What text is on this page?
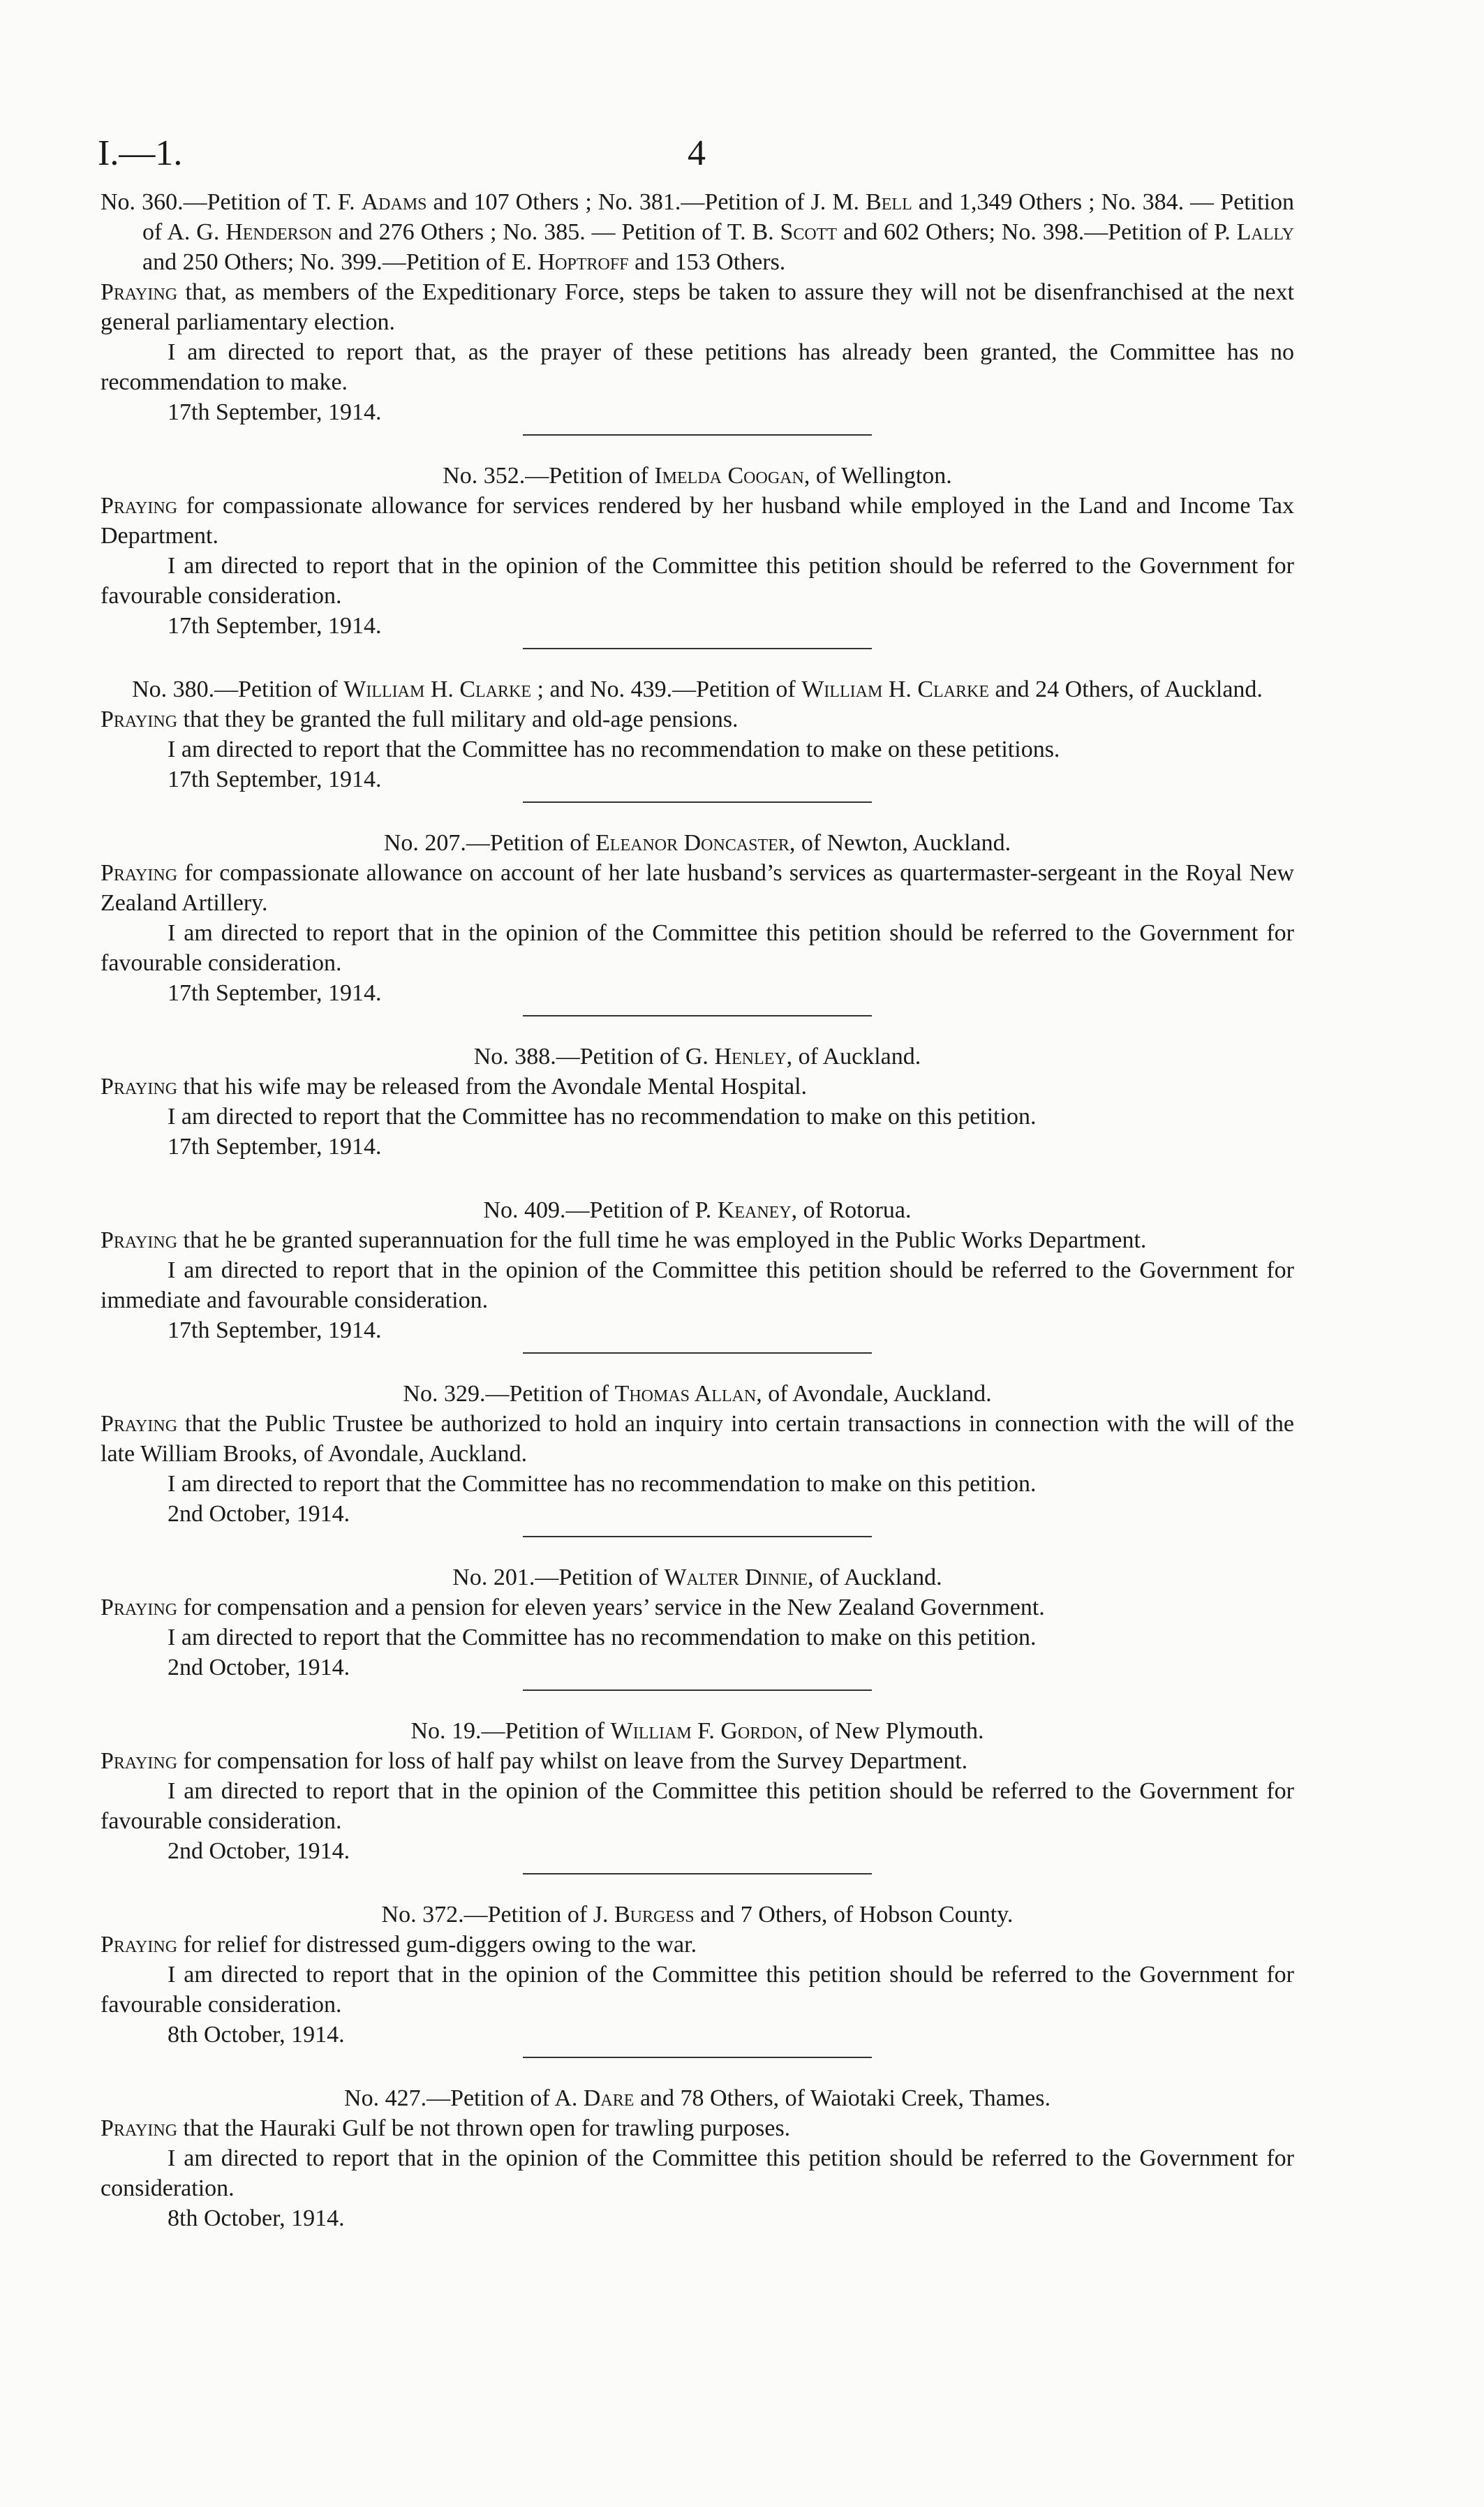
I.—1.	4
No. 360.—Petition of T. F. Adams and 107 Others ; No. 381.—Petition of J. M. Bell and 1,349 Others ; No. 384. — Petition of A. G. Henderson and 276 Others ; No. 385. — Petition of T. B. Scott and 602 Others; No. 398.—Petition of P. Lally and 250 Others; No. 399.—Petition of E. Hoptroff and 153 Others.
Praying that, as members of the Expeditionary Force, steps be taken to assure they will not be disenfranchised at the next general parliamentary election.
I am directed to report that, as the prayer of these petitions has already been granted, the Committee has no recommendation to make.
17th September, 1914.
No. 352.—Petition of Imelda Coogan, of Wellington.
Praying for compassionate allowance for services rendered by her husband while employed in the Land and Income Tax Department.
I am directed to report that in the opinion of the Committee this petition should be referred to the Government for favourable consideration.
17th September, 1914.
No. 380.—Petition of William H. Clarke ; and No. 439.—Petition of William H. Clarke and 24 Others, of Auckland.
Praying that they be granted the full military and old-age pensions.
I am directed to report that the Committee has no recommendation to make on these petitions.
17th September, 1914.
No. 207.—Petition of Eleanor Doncaster, of Newton, Auckland.
Praying for compassionate allowance on account of her late husband’s services as quartermaster-sergeant in the Royal New Zealand Artillery.
I am directed to report that in the opinion of the Committee this petition should be referred to the Government for favourable consideration.
17th September, 1914.
No. 388.—Petition of G. Henley, of Auckland.
Praying that his wife may be released from the Avondale Mental Hospital.
I am directed to report that the Committee has no recommendation to make on this petition.
17th September, 1914.
No. 409.—Petition of P. Keaney, of Rotorua.
Praying that he be granted superannuation for the full time he was employed in the Public Works Department.
I am directed to report that in the opinion of the Committee this petition should be referred to the Government for immediate and favourable consideration.
17th September, 1914.
No. 329.—Petition of Thomas Allan, of Avondale, Auckland.
Praying that the Public Trustee be authorized to hold an inquiry into certain transactions in connection with the will of the late William Brooks, of Avondale, Auckland.
I am directed to report that the Committee has no recommendation to make on this petition.
2nd October, 1914.
No. 201.—Petition of Walter Dinnie, of Auckland.
Praying for compensation and a pension for eleven years’ service in the New Zealand Government.
I am directed to report that the Committee has no recommendation to make on this petition.
2nd October, 1914.
No. 19.—Petition of William F. Gordon, of New Plymouth.
Praying for compensation for loss of half pay whilst on leave from the Survey Department.
I am directed to report that in the opinion of the Committee this petition should be referred to the Government for favourable consideration.
2nd October, 1914.
No. 372.—Petition of J. Burgess and 7 Others, of Hobson County.
Praying for relief for distressed gum-diggers owing to the war.
I am directed to report that in the opinion of the Committee this petition should be referred to the Government for favourable consideration.
8th October, 1914.
No. 427.—Petition of A. Dare and 78 Others, of Waiotaki Creek, Thames.
Praying that the Hauraki Gulf be not thrown open for trawling purposes.
I am directed to report that in the opinion of the Committee this petition should be referred to the Government for consideration.
8th October, 1914.
